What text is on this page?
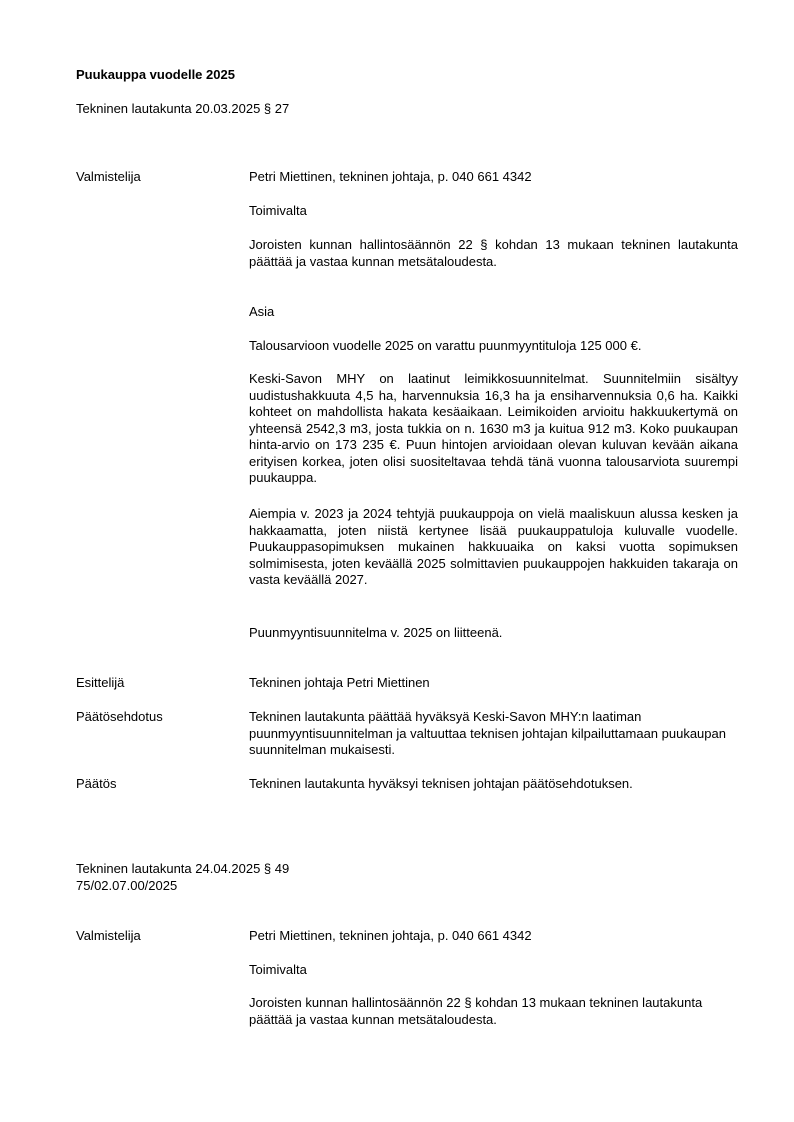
Puukauppa vuodelle 2025

Tekninen lautakunta 20.03.2025 § 27

Valmistelija	Petri Miettinen, tekninen johtaja, p. 040 661 4342

Toimivalta

Joroisten kunnan hallintosäännön 22 § kohdan 13 mukaan tekninen lautakunta päättää ja vastaa kunnan metsätaloudesta.

Asia

Talousarvioon vuodelle 2025 on varattu puunmyyntituloja 125 000 €.

Keski-Savon MHY on laatinut leimikkosuunnitelmat. Suunnitelmiin sisältyy uudistushakkuuta 4,5 ha, harvennuksia 16,3 ha ja ensiharvennuksia 0,6 ha. Kaikki kohteet on mahdollista hakata kesäaikaan. Leimikoiden arvioitu hakkuukertymä on yhteensä 2542,3 m3, josta tukkia on n. 1630 m3 ja kuitua 912 m3. Koko puukaupan hinta-arvio on 173 235 €. Puun hintojen arvioidaan olevan kuluvan kevään aikana erityisen korkea, joten olisi suositeltavaa tehdä tänä vuonna talousarviota suurempi puukauppa.

Aiempia v. 2023 ja 2024 tehtyjä puukauppoja on vielä maaliskuun alussa kesken ja hakkaamatta, joten niistä kertynee lisää puukauppatuloja kuluvalle vuodelle. Puukauppasopimuksen mukainen hakkuuaika on kaksi vuotta sopimuksen solmimisesta, joten keväällä 2025 solmittavien puukauppojen hakkuiden takaraja on vasta keväällä 2027.

Puunmyyntisuunnitelma v. 2025 on liitteenä.

Esittelijä	Tekninen johtaja Petri Miettinen

Päätösehdotus	Tekninen lautakunta päättää hyväksyä Keski-Savon MHY:n laatiman puunmyyntisuunnitelman ja valtuuttaa teknisen johtajan kilpailuttamaan puukaupan suunnitelman mukaisesti.

Päätös	Tekninen lautakunta hyväksyi teknisen johtajan päätösehdotuksen.

Tekninen lautakunta 24.04.2025 § 49

75/02.07.00/2025

Valmistelija	Petri Miettinen, tekninen johtaja, p. 040 661 4342

Toimivalta

Joroisten kunnan hallintosäännön 22 § kohdan 13 mukaan tekninen lautakunta päättää ja vastaa kunnan metsätaloudesta.
